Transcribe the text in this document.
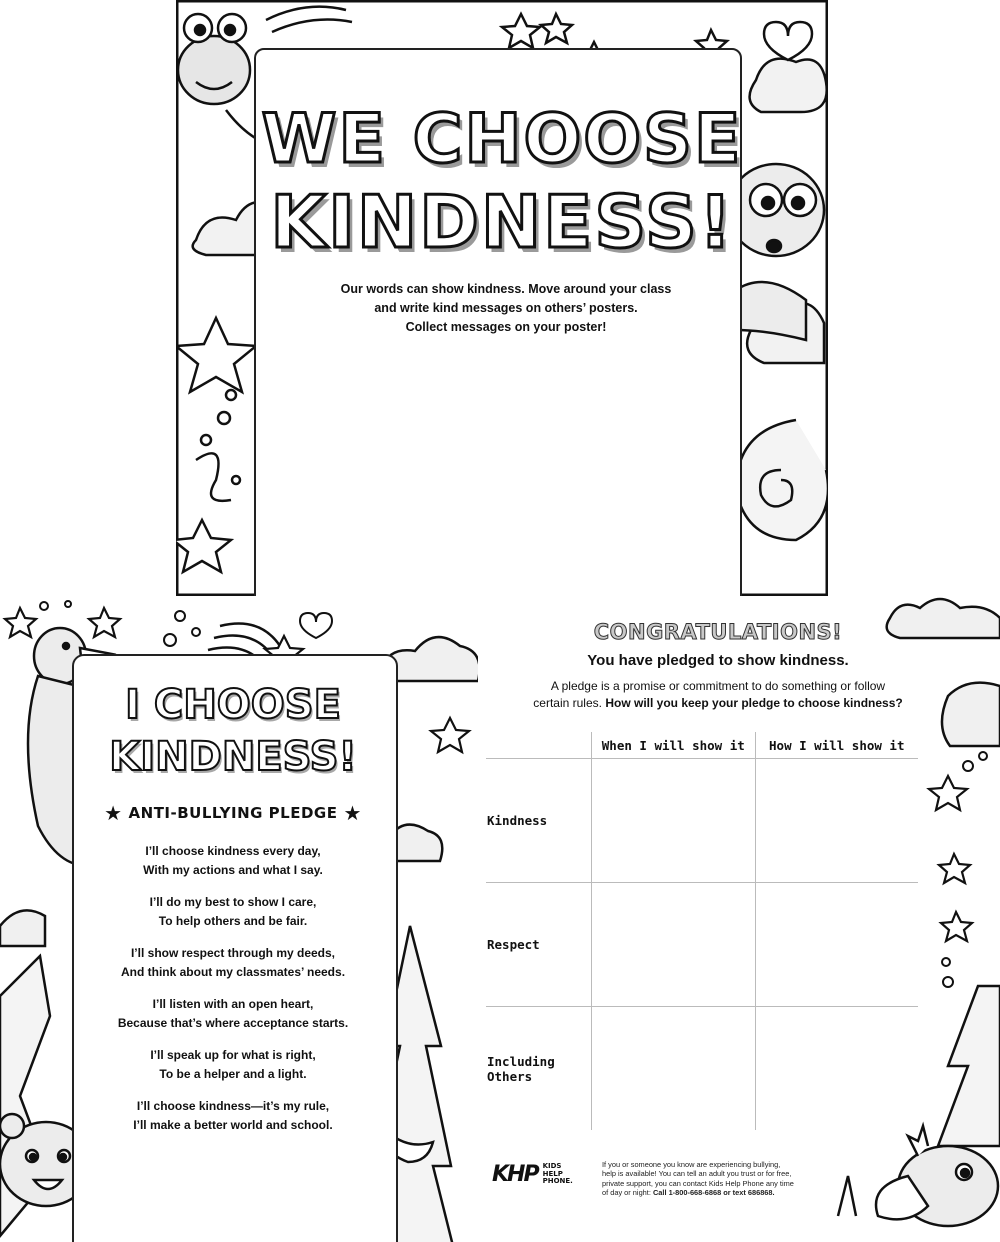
WE CHOOSE
KINDNESS!
Our words can show kindness. Move around your class
and write kind messages on others’ posters.
Collect messages on your poster!
I CHOOSE
KINDNESS!
★ ANTI-BULLYING PLEDGE ★
I’ll choose kindness every day,
With my actions and what I say.
I’ll do my best to show I care,
To help others and be fair.
I’ll show respect through my deeds,
And think about my classmates’ needs.
I’ll listen with an open heart,
Because that’s where acceptance starts.
I’ll speak up for what is right,
To be a helper and a light.
I’ll choose kindness—it’s my rule,
I’ll make a better world and school.
CONGRATULATIONS!
You have pledged to show kindness.
A pledge is a promise or commitment to do something or follow
certain rules. How will you keep your pledge to choose kindness?
	When I will show it	How I will show it
Kindness		
Respect		
Including Others		
KHP KIDS
HELP
PHONE.
If you or someone you know are experiencing bullying,
help is available! You can tell an adult you trust or for free,
private support, you can contact Kids Help Phone any time
of day or night: Call 1-800-668-6868 or text 686868.
